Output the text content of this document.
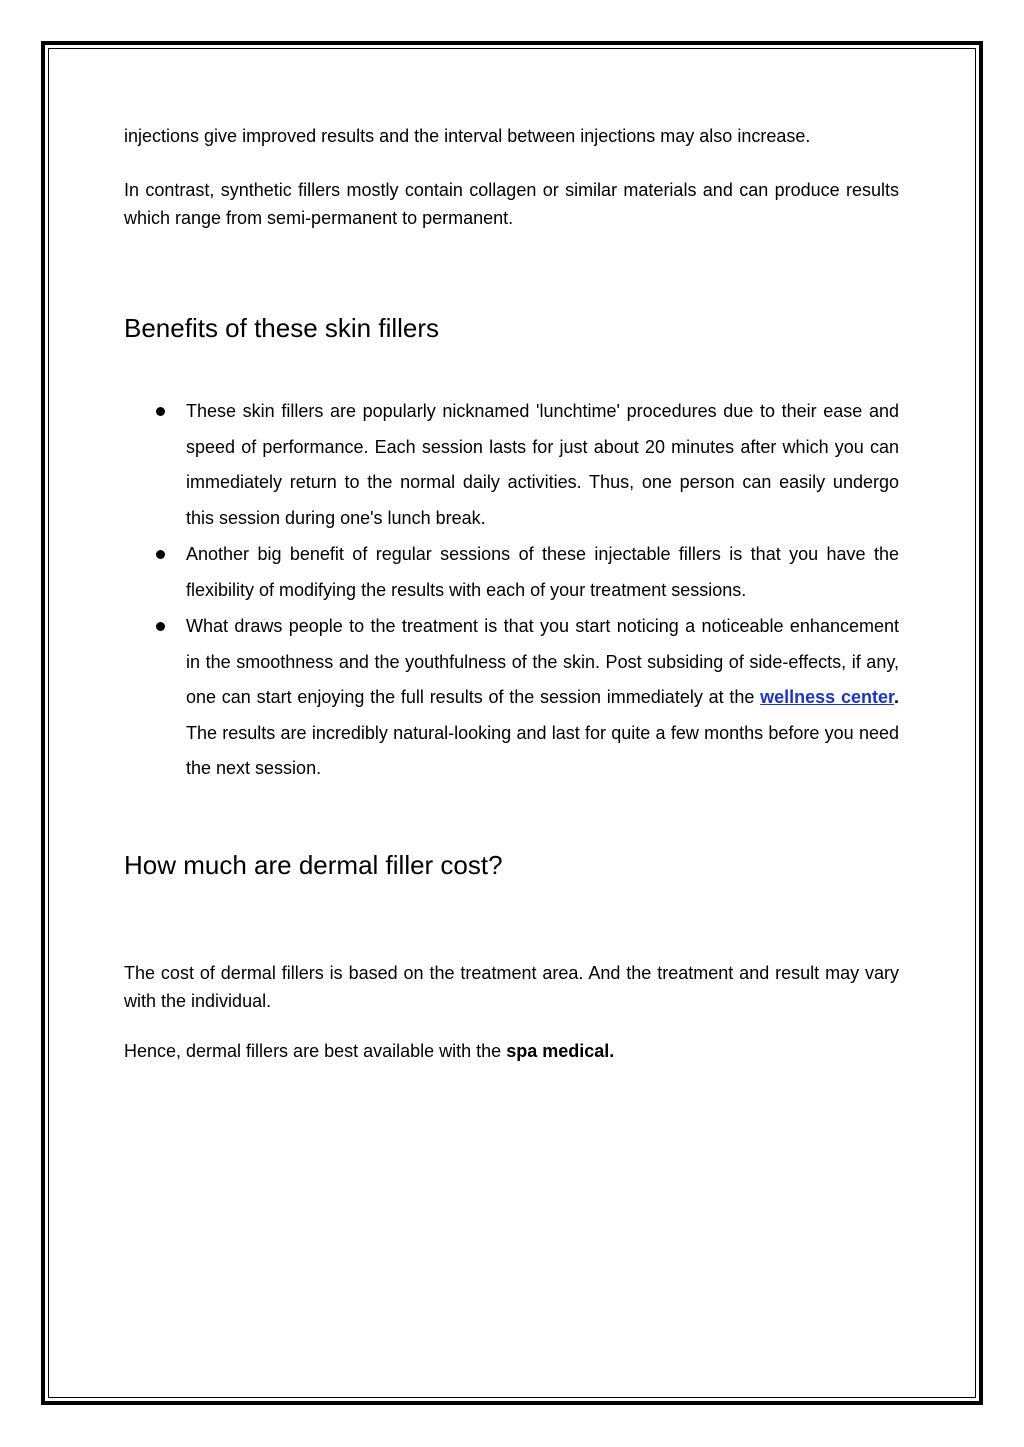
injections give improved results and the interval between injections may also increase.

In contrast, synthetic fillers mostly contain collagen or similar materials and can produce results which range from semi-permanent to permanent.

Benefits of these skin fillers
These skin fillers are popularly nicknamed 'lunchtime' procedures due to their ease and speed of performance. Each session lasts for just about 20 minutes after which you can immediately return to the normal daily activities. Thus, one person can easily undergo this session during one's lunch break.
Another big benefit of regular sessions of these injectable fillers is that you have the flexibility of modifying the results with each of your treatment sessions.
What draws people to the treatment is that you start noticing a noticeable enhancement in the smoothness and the youthfulness of the skin. Post subsiding of side-effects, if any, one can start enjoying the full results of the session immediately at the wellness center. The results are incredibly natural-looking and last for quite a few months before you need the next session.
How much are dermal filler cost?

The cost of dermal fillers is based on the treatment area. And the treatment and result may vary with the individual.

Hence, dermal fillers are best available with the spa medical.
